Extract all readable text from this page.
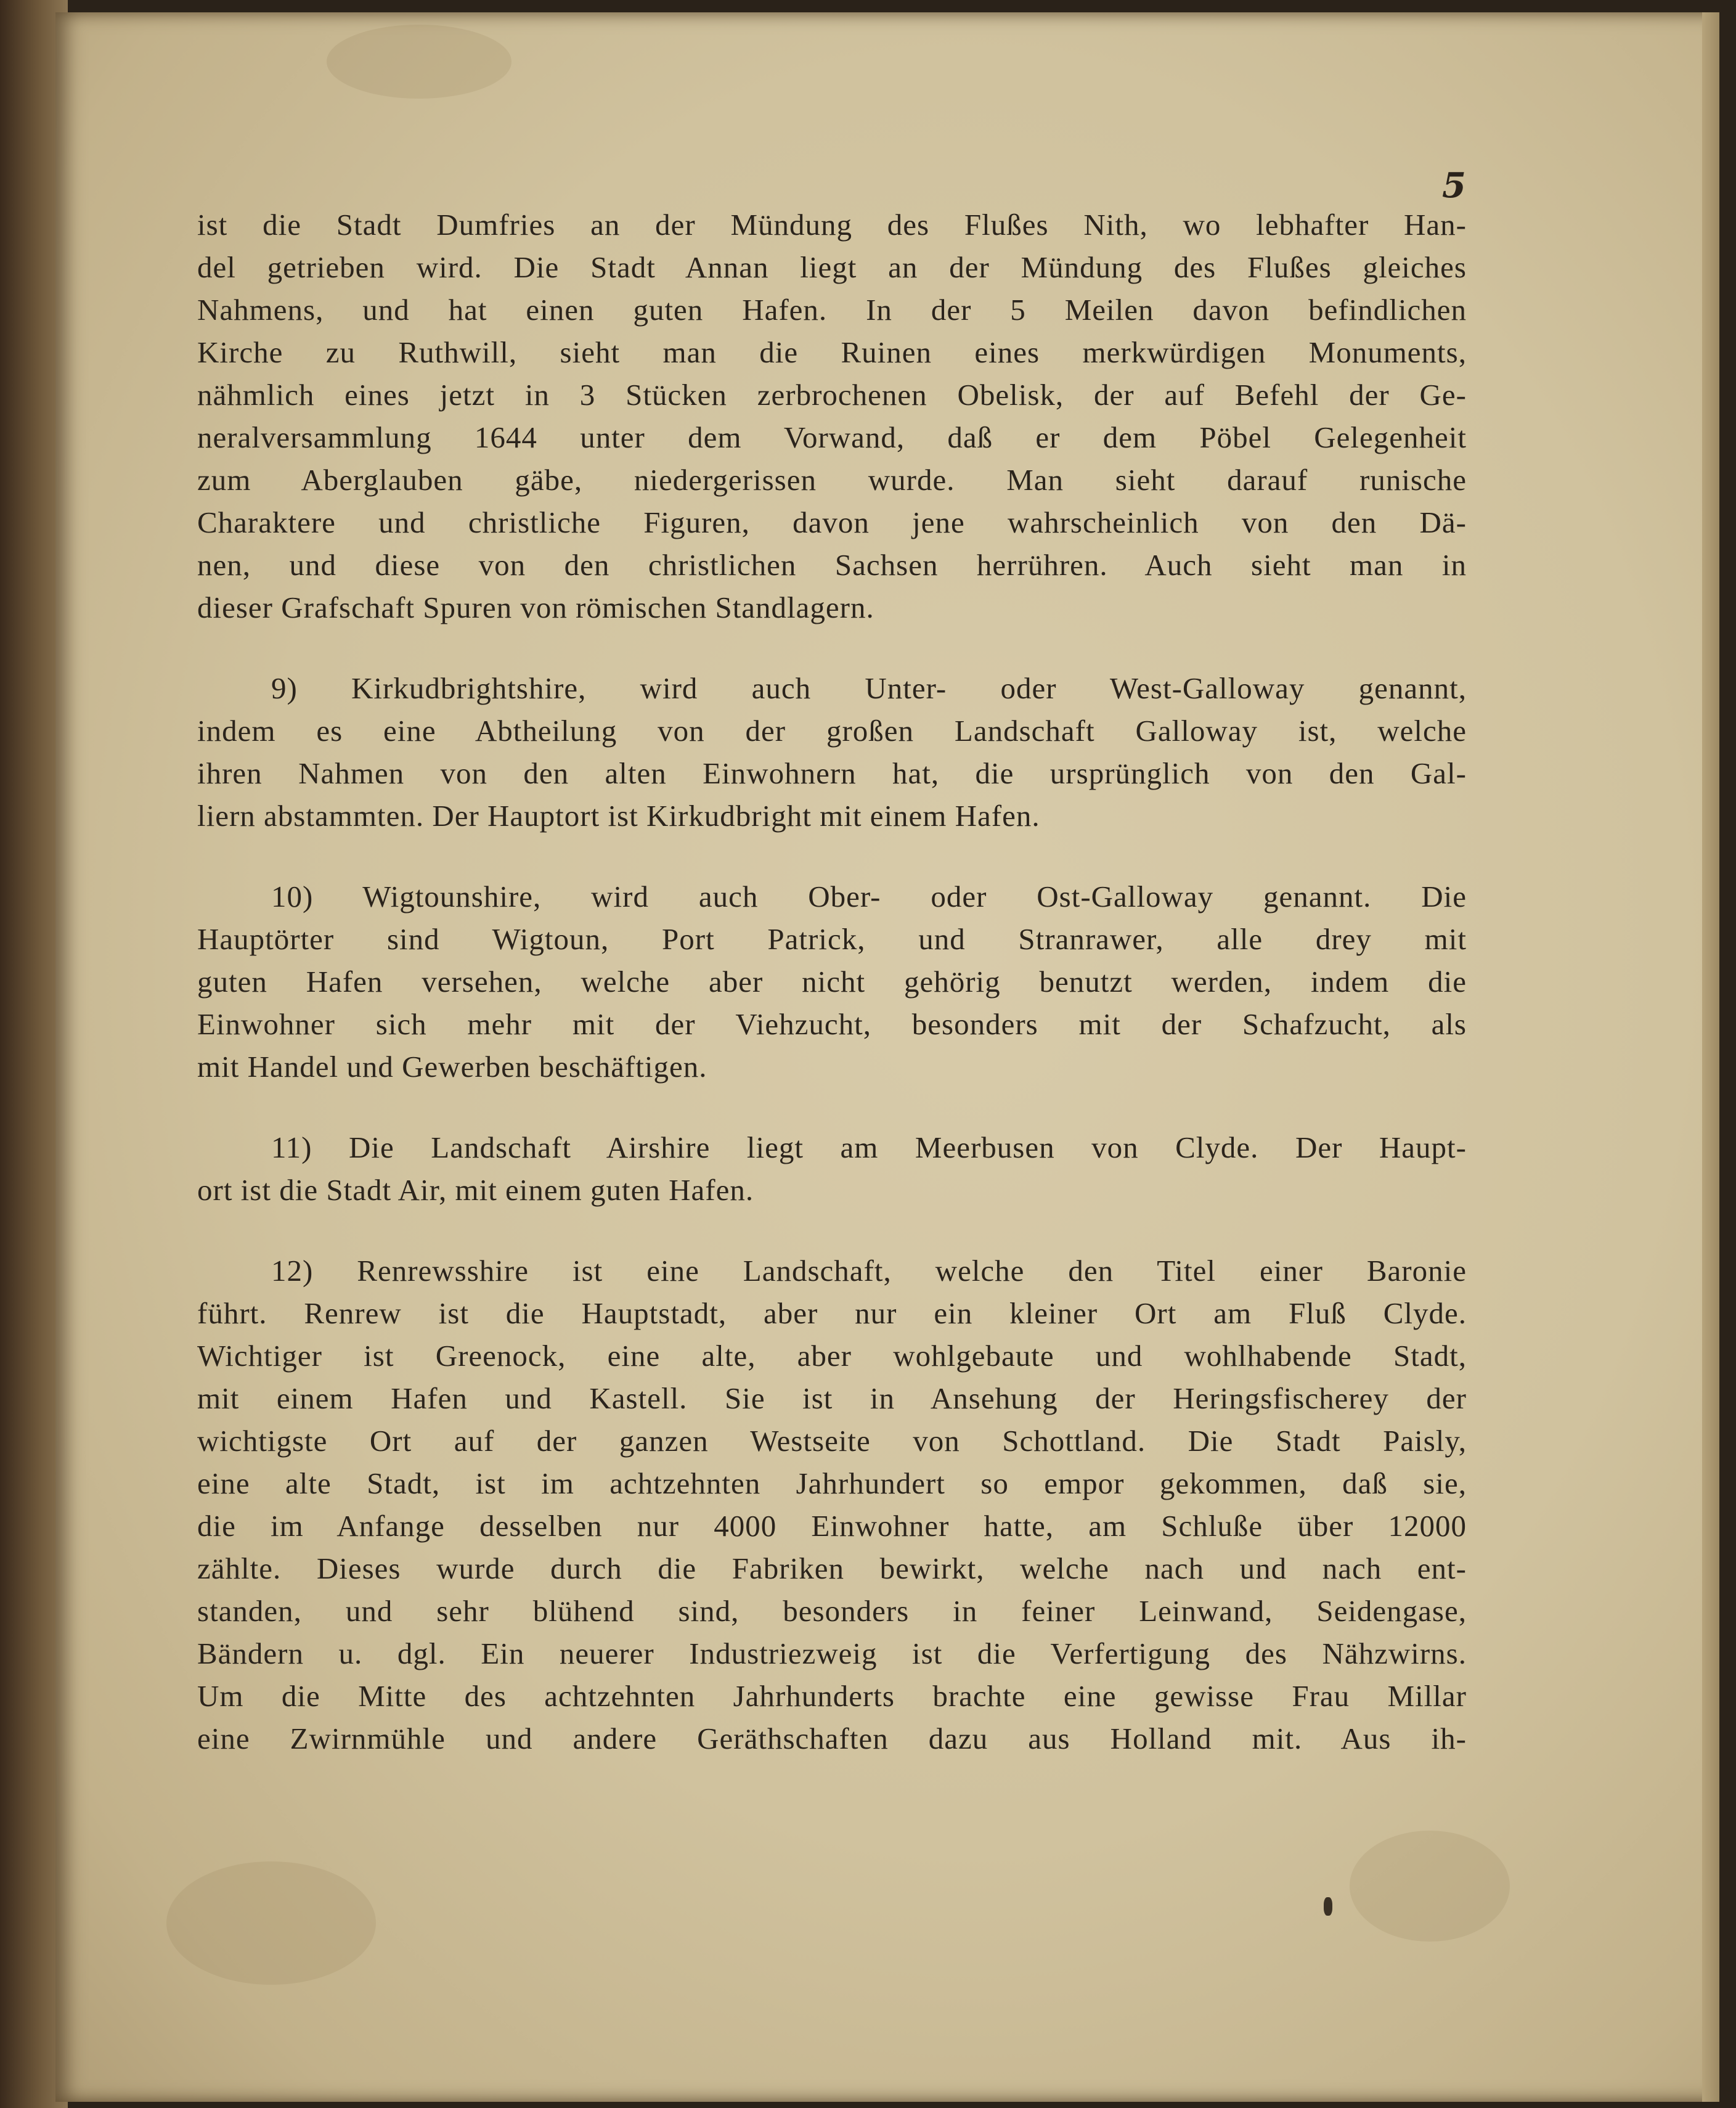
5
ist die Stadt Dumfries an der Mündung des Flußes Nith, wo lebhafter Han-
del getrieben wird. Die Stadt Annan liegt an der Mündung des Flußes gleiches
Nahmens, und hat einen guten Hafen. In der 5 Meilen davon befindlichen
Kirche zu Ruthwill, sieht man die Ruinen eines merkwürdigen Monuments,
nähmlich eines jetzt in 3 Stücken zerbrochenen Obelisk, der auf Befehl der Ge-
neralversammlung 1644 unter dem Vorwand, daß er dem Pöbel Gelegenheit
zum Aberglauben gäbe, niedergerissen wurde. Man sieht darauf runische
Charaktere und christliche Figuren, davon jene wahrscheinlich von den Dä-
nen, und diese von den christlichen Sachsen herrühren. Auch sieht man in
dieser Grafschaft Spuren von römischen Standlagern.
9) Kirkudbrightshire, wird auch Unter- oder West-Galloway genannt,
indem es eine Abtheilung von der großen Landschaft Galloway ist, welche
ihren Nahmen von den alten Einwohnern hat, die ursprünglich von den Gal-
liern abstammten. Der Hauptort ist Kirkudbright mit einem Hafen.
10) Wigtounshire, wird auch Ober- oder Ost-Galloway genannt. Die
Hauptörter sind Wigtoun, Port Patrick, und Stranrawer, alle drey mit
guten Hafen versehen, welche aber nicht gehörig benutzt werden, indem die
Einwohner sich mehr mit der Viehzucht, besonders mit der Schafzucht, als
mit Handel und Gewerben beschäftigen.
11) Die Landschaft Airshire liegt am Meerbusen von Clyde. Der Haupt-
ort ist die Stadt Air, mit einem guten Hafen.
12) Renrewsshire ist eine Landschaft, welche den Titel einer Baronie
führt. Renrew ist die Hauptstadt, aber nur ein kleiner Ort am Fluß Clyde.
Wichtiger ist Greenock, eine alte, aber wohlgebaute und wohlhabende Stadt,
mit einem Hafen und Kastell. Sie ist in Ansehung der Heringsfischerey der
wichtigste Ort auf der ganzen Westseite von Schottland. Die Stadt Paisly,
eine alte Stadt, ist im achtzehnten Jahrhundert so empor gekommen, daß sie,
die im Anfange desselben nur 4000 Einwohner hatte, am Schluße über 12000
zählte. Dieses wurde durch die Fabriken bewirkt, welche nach und nach ent-
standen, und sehr blühend sind, besonders in feiner Leinwand, Seidengase,
Bändern u. dgl. Ein neuerer Industriezweig ist die Verfertigung des Nähzwirns.
Um die Mitte des achtzehnten Jahrhunderts brachte eine gewisse Frau Millar
eine Zwirnmühle und andere Geräthschaften dazu aus Holland mit. Aus ih-
